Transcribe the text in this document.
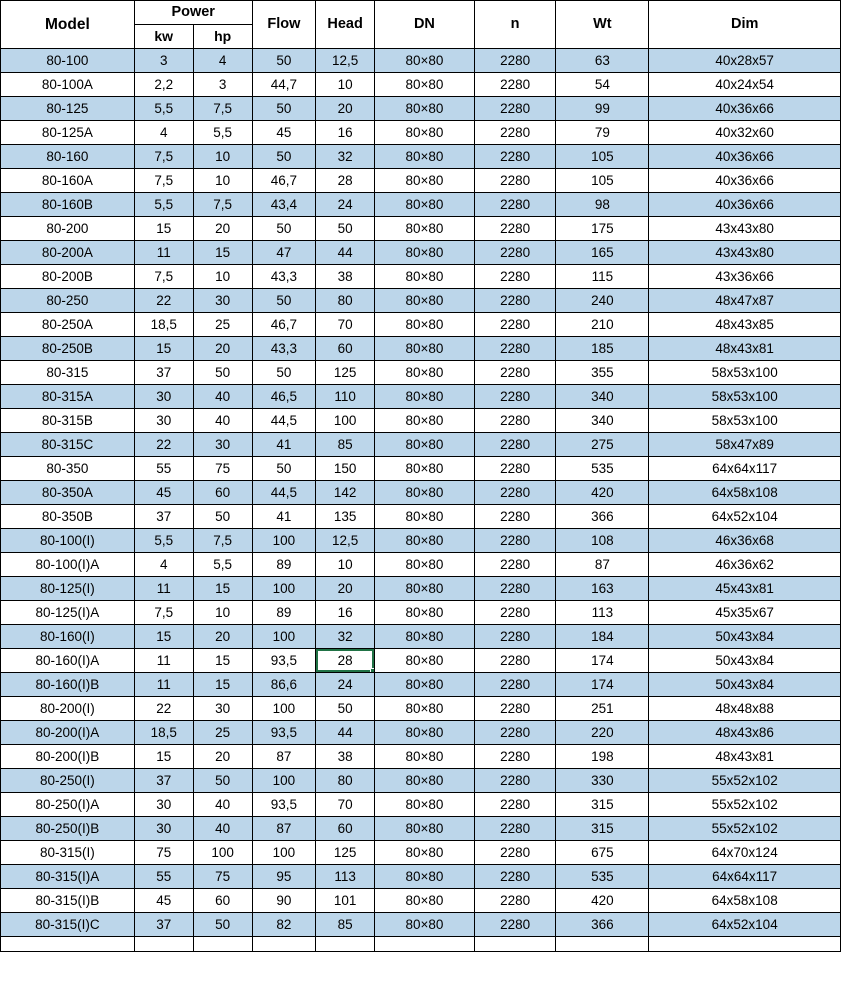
Model	Power		Flow	Head	DN	n	Wt	Dim
	kw	hp						
80-100	3	4	50	12,5	80×80	2280	63	40x28x57
80-100A	2,2	3	44,7	10	80×80	2280	54	40x24x54
80-125	5,5	7,5	50	20	80×80	2280	99	40x36x66
80-125A	4	5,5	45	16	80×80	2280	79	40x32x60
80-160	7,5	10	50	32	80×80	2280	105	40x36x66
80-160A	7,5	10	46,7	28	80×80	2280	105	40x36x66
80-160B	5,5	7,5	43,4	24	80×80	2280	98	40x36x66
80-200	15	20	50	50	80×80	2280	175	43x43x80
80-200A	11	15	47	44	80×80	2280	165	43x43x80
80-200B	7,5	10	43,3	38	80×80	2280	115	43x36x66
80-250	22	30	50	80	80×80	2280	240	48x47x87
80-250A	18,5	25	46,7	70	80×80	2280	210	48x43x85
80-250B	15	20	43,3	60	80×80	2280	185	48x43x81
80-315	37	50	50	125	80×80	2280	355	58x53x100
80-315A	30	40	46,5	110	80×80	2280	340	58x53x100
80-315B	30	40	44,5	100	80×80	2280	340	58x53x100
80-315C	22	30	41	85	80×80	2280	275	58x47x89
80-350	55	75	50	150	80×80	2280	535	64x64x117
80-350A	45	60	44,5	142	80×80	2280	420	64x58x108
80-350B	37	50	41	135	80×80	2280	366	64x52x104
80-100(I)	5,5	7,5	100	12,5	80×80	2280	108	46x36x68
80-100(I)A	4	5,5	89	10	80×80	2280	87	46x36x62
80-125(I)	11	15	100	20	80×80	2280	163	45x43x81
80-125(I)A	7,5	10	89	16	80×80	2280	113	45x35x67
80-160(I)	15	20	100	32	80×80	2280	184	50x43x84
80-160(I)A	11	15	93,5	28	80×80	2280	174	50x43x84
80-160(I)B	11	15	86,6	24	80×80	2280	174	50x43x84
80-200(I)	22	30	100	50	80×80	2280	251	48x48x88
80-200(I)A	18,5	25	93,5	44	80×80	2280	220	48x43x86
80-200(I)B	15	20	87	38	80×80	2280	198	48x43x81
80-250(I)	37	50	100	80	80×80	2280	330	55x52x102
80-250(I)A	30	40	93,5	70	80×80	2280	315	55x52x102
80-250(I)B	30	40	87	60	80×80	2280	315	55x52x102
80-315(I)	75	100	100	125	80×80	2280	675	64x70x124
80-315(I)A	55	75	95	113	80×80	2280	535	64x64x117
80-315(I)B	45	60	90	101	80×80	2280	420	64x58x108
80-315(I)C	37	50	82	85	80×80	2280	366	64x52x104
